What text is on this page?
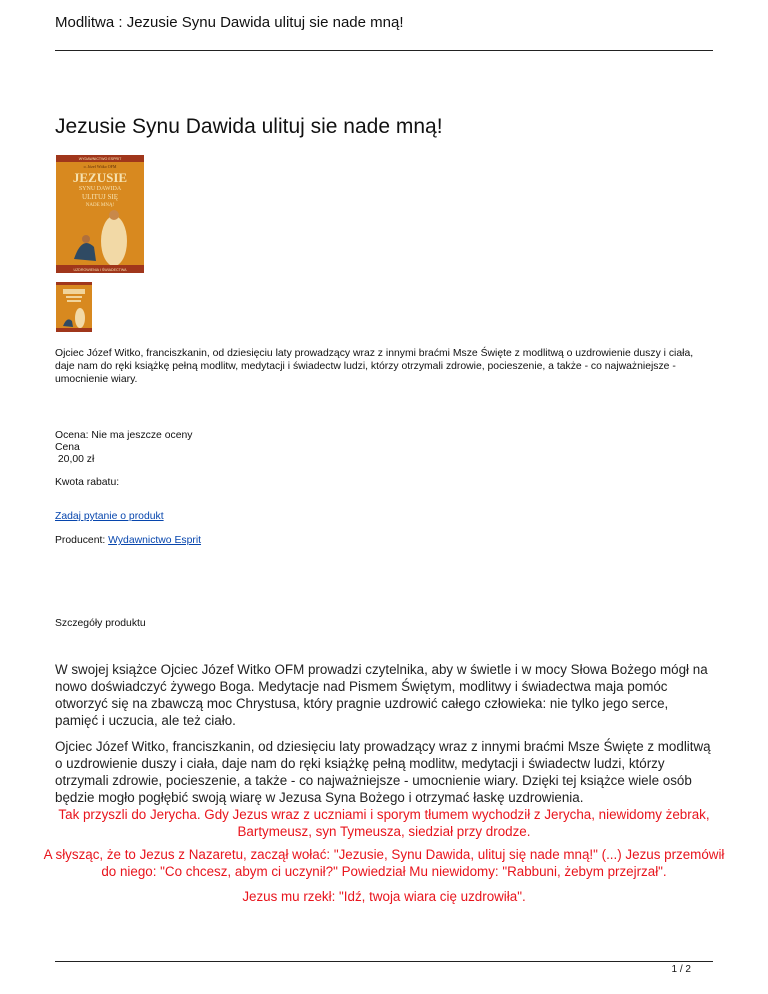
Modlitwa : Jezusie Synu Dawida ulituj sie nade mną!
Jezusie Synu Dawida ulituj sie nade mną!
WYDAWNICTWO ESPRIT
o. Józef Witko OFM
JEZUSIE
SYNU DAWIDA
ULITUJ SIĘ
NADE MNĄ!
UZDROWIENIA I ŚWIADECTWA
Ojciec Józef Witko, franciszkanin, od dziesięciu laty prowadzący wraz z innymi braćmi Msze Święte z modlitwą o uzdrowienie duszy i ciała, daje nam do ręki książkę pełną modlitw, medytacji i świadectw ludzi, którzy otrzymali zdrowie, pocieszenie, a także - co najważniejsze - umocnienie wiary.
Ocena: Nie ma jeszcze oceny
Cena
20,00 zł
Kwota rabatu:
Zadaj pytanie o produkt
Producent: Wydawnictwo Esprit
Szczegóły produktu
W swojej książce Ojciec Józef Witko OFM prowadzi czytelnika, aby w świetle i w mocy Słowa Bożego mógł na nowo doświadczyć żywego Boga. Medytacje nad Pismem Świętym, modlitwy i świadectwa maja pomóc otworzyć się na zbawczą moc Chrystusa, który pragnie uzdrowić całego człowieka: nie tylko jego serce, pamięć i uczucia, ale też ciało.
Ojciec Józef Witko, franciszkanin, od dziesięciu laty prowadzący wraz z innymi braćmi Msze Święte z modlitwą o uzdrowienie duszy i ciała, daje nam do ręki książkę pełną modlitw, medytacji i świadectw ludzi, którzy otrzymali zdrowie, pocieszenie, a także - co najważniejsze - umocnienie wiary. Dzięki tej książce wiele osób będzie mogło pogłębić swoją wiarę w Jezusa Syna Bożego i otrzymać łaskę uzdrowienia.
Tak przyszli do Jerycha. Gdy Jezus wraz z uczniami i sporym tłumem wychodził z Jerycha, niewidomy żebrak, Bartymeusz, syn Tymeusza, siedział przy drodze.
A słysząc, że to Jezus z Nazaretu, zaczął wołać: "Jezusie, Synu Dawida, ulituj się nade mną!" (...) Jezus przemówił do niego: "Co chcesz, abym ci uczynił?" Powiedział Mu niewidomy: "Rabbuni, żebym przejrzał".
Jezus mu rzekł: "Idź, twoja wiara cię uzdrowiła".
1 / 2
